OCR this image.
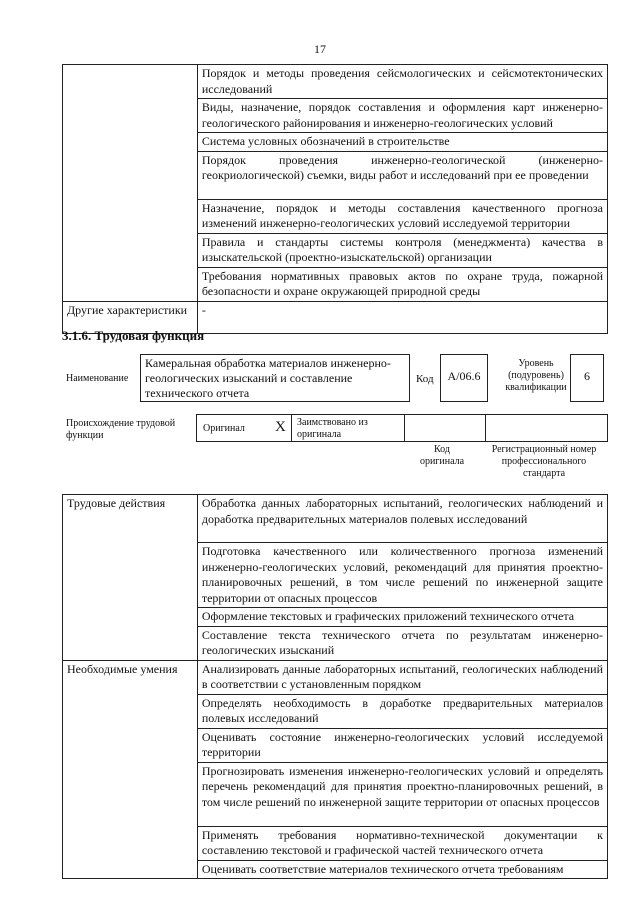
17
	Порядок и методы проведения сейсмологических и сейсмотектонических исследований
	Виды, назначение, порядок составления и оформления карт инженерно-геологического районирования и инженерно-геологических условий
	Система условных обозначений в строительстве
	Порядок проведения инженерно-геологической (инженерно-геокриологической) съемки, виды работ и исследований при ее проведении
	Назначение, порядок и методы составления качественного прогноза изменений инженерно-геологических условий исследуемой территории
	Правила и стандарты системы контроля (менеджмента) качества в изыскательской (проектно-изыскательской) организации
	Требования нормативных правовых актов по охране труда, пожарной безопасности и охране окружающей природной среды
Другие характеристики	-
3.1.6. Трудовая функция
Наименование
Камеральная обработка материалов инженерно-геологических изысканий и составление технического отчета
Код	А/06.6
Уровень (подуровень) квалификации
6
Происхождение трудовой функции
Оригинал X Заимствовано из оригинала
Код оригинала
Регистрационный номер профессионального стандарта
Трудовые действия	Обработка данных лабораторных испытаний, геологических наблюдений и доработка предварительных материалов полевых исследований
	Подготовка качественного или количественного прогноза изменений инженерно-геологических условий, рекомендаций для принятия проектно-планировочных решений, в том числе решений по инженерной защите территории от опасных процессов
	Оформление текстовых и графических приложений технического отчета
	Составление текста технического отчета по результатам инженерно-геологических изысканий
Необходимые умения	Анализировать данные лабораторных испытаний, геологических наблюдений в соответствии с установленным порядком
	Определять необходимость в доработке предварительных материалов полевых исследований
	Оценивать состояние инженерно-геологических условий исследуемой территории
	Прогнозировать изменения инженерно-геологических условий и определять перечень рекомендаций для принятия проектно-планировочных решений, в том числе решений по инженерной защите территории от опасных процессов
	Применять требования нормативно-технической документации к составлению текстовой и графической частей технического отчета
	Оценивать соответствие материалов технического отчета требованиям
